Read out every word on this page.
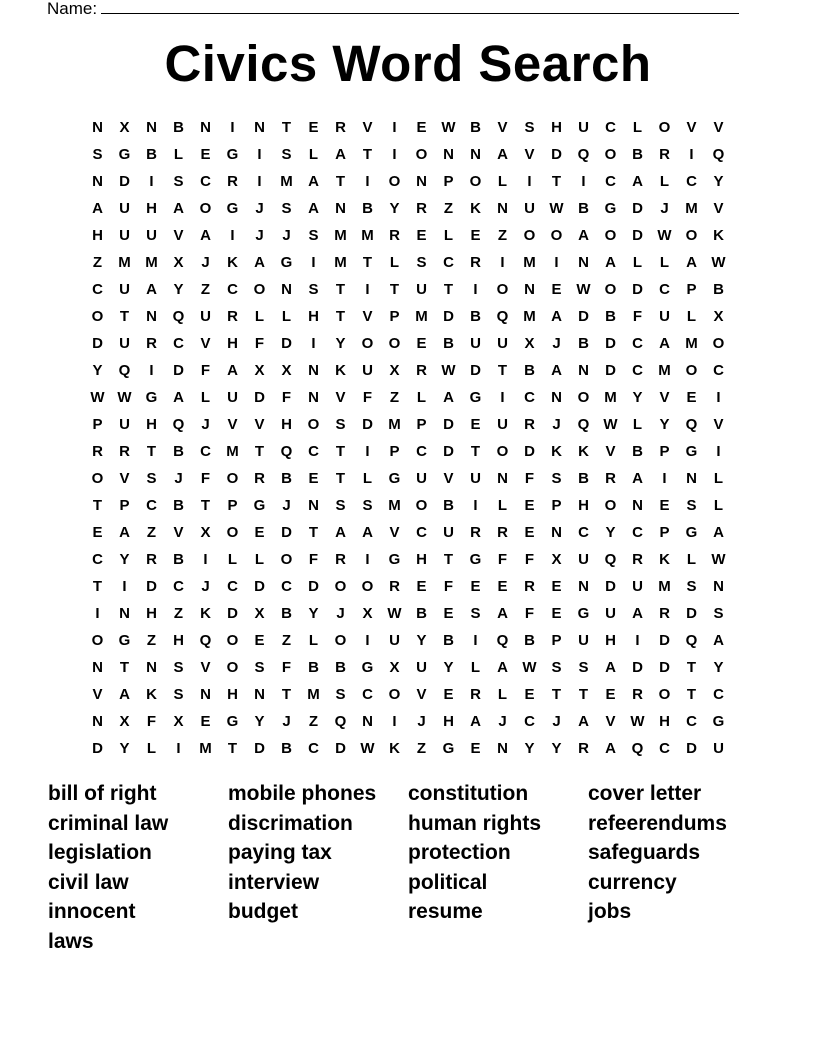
Name:
Civics Word Search
N	X	N	B	N	I	N	T	E	R	V	I	E W B	V	S	H	U	C	L	O	V	V
S	G	B	L	E	G	I	S	L	A	T	I	O	N	N	A	V	D	Q	O	B	R	I	Q
N	D	I	S	C	R	I	M	A	T	I	O	N	P	O	L	I	T	I	C	A	L	C	Y
A	U	H	A	O	G	J	S	A	N	B	Y	R	Z	K	N	U W B	G	D	J	M	V
H	U	U	V	A	I	J	J	S	M M	R	E	L	E	Z	O	O	A	O	D W O	K
Z	M M	X	J	K	A	G	I	M	T	L	S	C	R	I	M	I	N	A	L	L	A W
C	U	A	Y	Z	C	O	N	S	T	I	T	U	T	I	O	N	E W O	D	C	P	B
O	T	N	Q	U	R	L	L	H	T	V	P	M	D	B	Q M	A	D	B	F	U	L	X
D	U	R	C	V	H	F	D	I	Y	O	O	E	B	U	U	X	J	B	D	C	A	M O
Y	Q	I	D	F	A	X	X	N	K	U	X	R W D	T	B	A	N	D	C	M O	C
W W G	A	L	U	D	F	N	V	F	Z	L	A	G	I	C	N	O M	Y	V	E	I
P	U	H	Q	J	V	V	H	O	S	D	M	P	D	E	U	R	J	Q W	L	Y	Q	V
R	R	T	B	C	M	T	Q	C	T	I	P	C	D	T	O	D	K	K	V	B	P	G	I
O	V	S	J	F	O	R	B	E	T	L	G	U	V	U	N	F	S	B	R	A	I	N	L
T	P	C	B	T	P	G	J	N	S	S	M O	B	I	L	E	P	H	O	N	E	S	L
E	A	Z	V	X	O	E	D	T	A	A	V	C	U	R	R	E	N	C	Y	C	P	G	A
C	Y	R	B	I	L	L	O	F	R	I	G	H	T	G	F	F	X	U	Q	R	K	L	W
T	I	D	C	J	C	D	C	D	O	O	R	E	F	E	E	R	E	N	D	U	M	S	N
I	N	H	Z	K	D	X	B	Y	J	X W B	E	S	A	F	E	G	U	A	R	D	S
O	G	Z	H	Q	O	E	Z	L	O	I	U	Y	B	I	Q	B	P	U	H	I	D	Q	A
N	T	N	S	V	O	S	F	B	B	G	X	U	Y	L	A W S	S	A	D	D	T	Y
V	A	K	S	N	H	N	T	M	S	C	O	V	E	R	L	E	T	T	E	R	O	T	C
N	X	F	X	E	G	Y	J	Z	Q	N	I	J	H	A	J	C	J	A	V W H	C	G
D	Y	L	I	M	T	D	B	C	D W K	Z	G	E	N	Y	Y	R	A	Q	C	D	U
bill of right
criminal law
legislation
civil law
innocent
laws
mobile phones
discrimation
paying tax
interview
budget
constitution
human rights
protection
political
resume
cover letter
refeerendums
safeguards
currency
jobs
